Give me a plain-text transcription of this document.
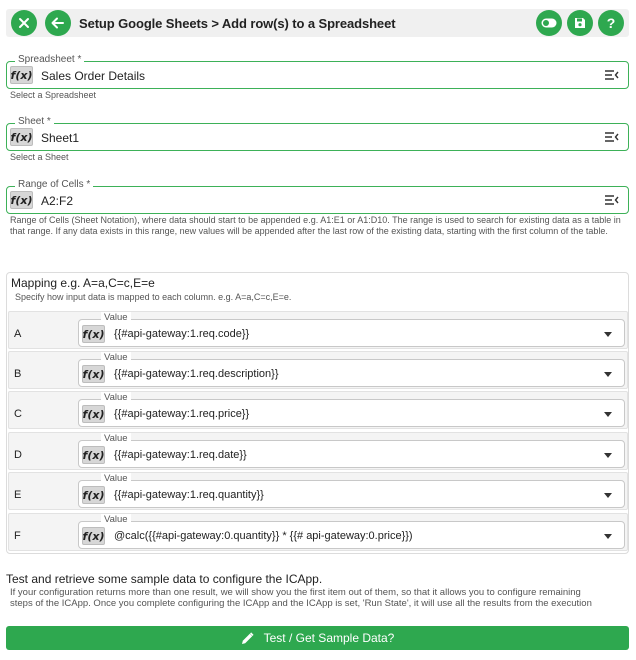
Setup Google Sheets > Add row(s) to a Spreadsheet	?
Spreadsheet *
f(x) Sales Order Details
Select a Spreadsheet
Sheet *
f(x) Sheet1
Select a Sheet
Range of Cells *
f(x) A2:F2
Range of Cells (Sheet Notation), where data should start to be appended e.g. A1:E1 or A1:D10. The range is used to search for existing data as a table in that range. If any data exists in this range, new values will be appended after the last row of the existing data, starting with the first column of the table.
Mapping e.g. A=a,C=c,E=e
Specify how input data is mapped to each column. e.g. A=a,C=c,E=e.
A
Value
f(x) {{#api-gateway:1.req.code}}
B
Value
f(x) {{#api-gateway:1.req.description}}
C
Value
f(x) {{#api-gateway:1.req.price}}
D
Value
f(x) {{#api-gateway:1.req.date}}
E
Value
f(x) {{#api-gateway:1.req.quantity}}
F
Value
f(x) @calc({{#api-gateway:0.quantity}} * {{# api-gateway:0.price}})
Test and retrieve some sample data to configure the ICApp.
If your configuration returns more than one result, we will show you the first item out of them, so that it allows you to configure remaining
steps of the ICApp. Once you complete configuring the ICApp and the ICApp is set, 'Run State', it will use all the results from the execution
Test / Get Sample Data?
